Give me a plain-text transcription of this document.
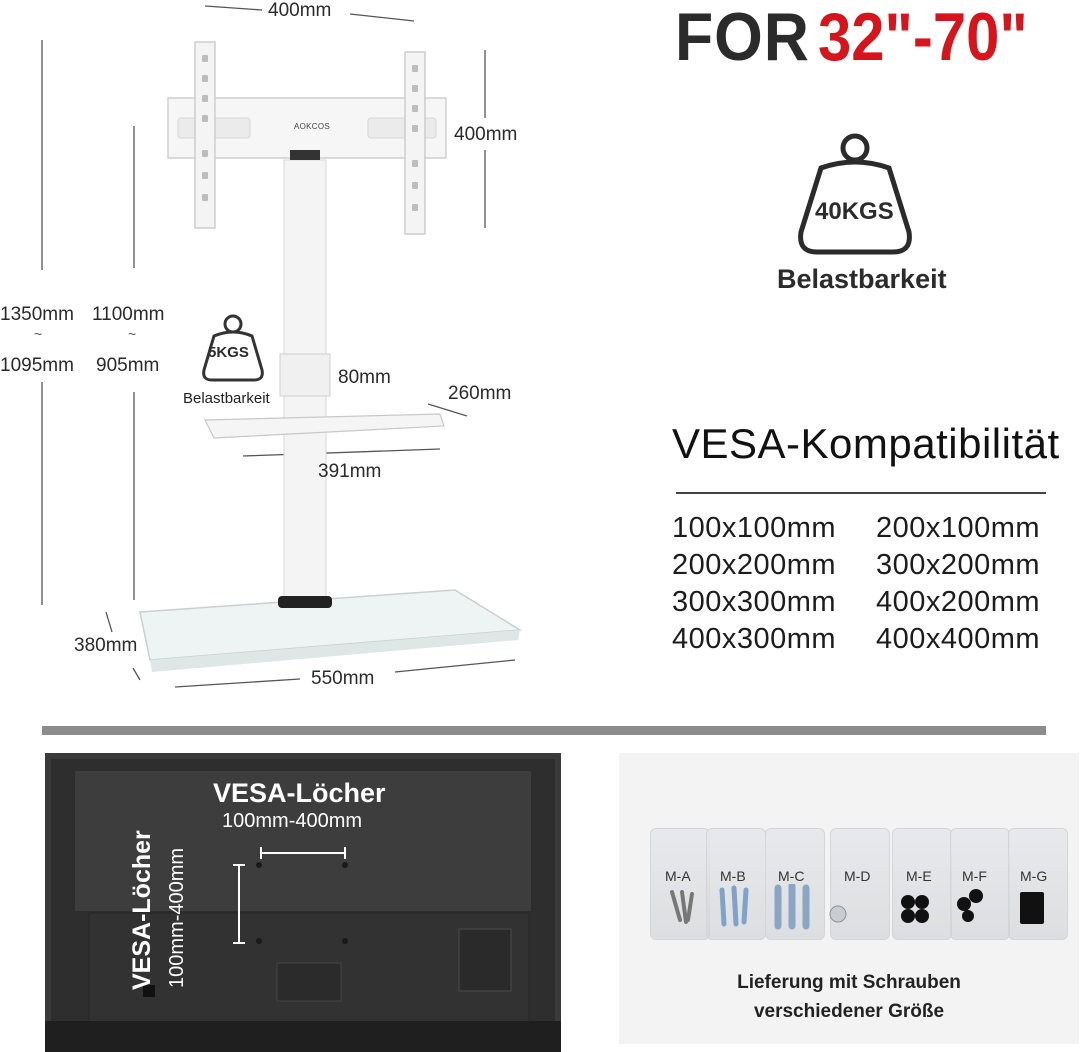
400mm
400mm
1350mm
~
1095mm
1100mm
~
905mm
80mm
260mm
391mm
380mm
550mm
AOKCOS
5KGS
Belastbarkeit
FOR 32"-70"
40KGS
Belastbarkeit
VESA-Kompatibilität
100x100mm	200x100mm
200x200mm	300x200mm
300x300mm	400x200mm
400x300mm	400x400mm
VESA-Löcher
100mm-400mm
VESA-Löcher 100mm-400mm	M-A M-B M-C	M-D	M-E M-F M-G
Lieferung mit Schrauben
verschiedener Größe
